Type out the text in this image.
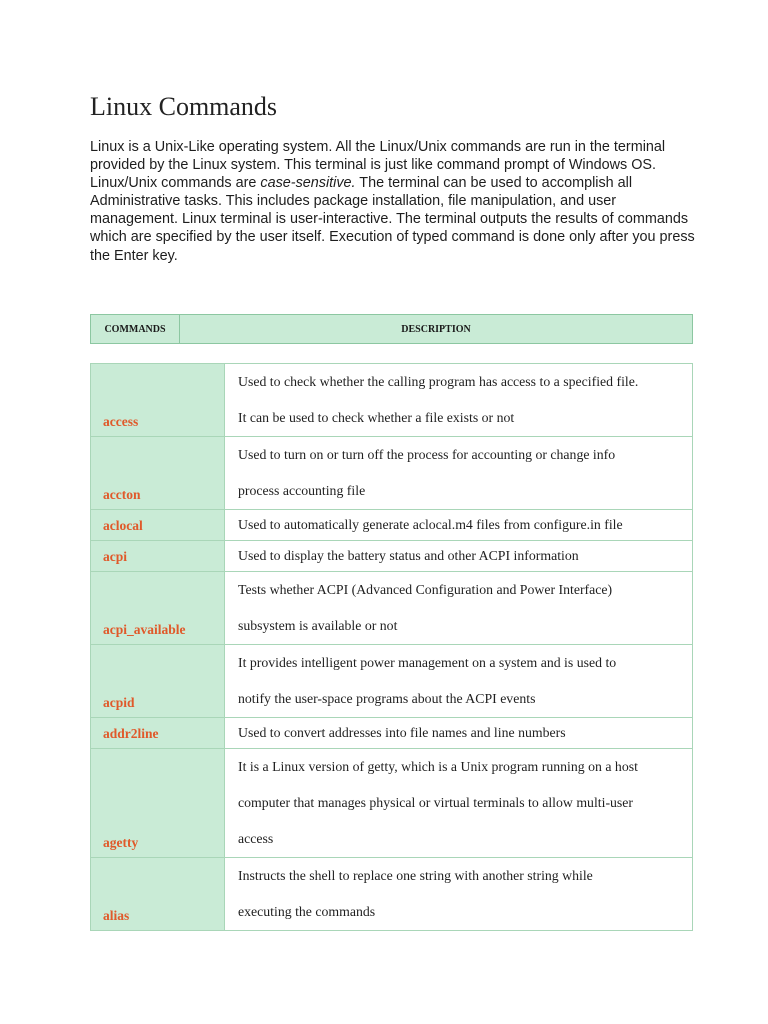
Linux Commands

Linux is a Unix-Like operating system. All the Linux/Unix commands are run in the terminal provided by the Linux system. This terminal is just like command prompt of Windows OS. Linux/Unix commands are case-sensitive. The terminal can be used to accomplish all Administrative tasks. This includes package installation, file manipulation, and user management. Linux terminal is user-interactive. The terminal outputs the results of commands which are specified by the user itself. Execution of typed command is done only after you press the Enter key.

COMMANDS	DESCRIPTION
access	Used to check whether the calling program has access to a specified file.
It can be used to check whether a file exists or not

accton	Used to turn on or turn off the process for accounting or change info
process accounting file

aclocal	Used to automatically generate aclocal.m4 files from configure.in file

acpi	Used to display the battery status and other ACPI information

acpi_available	Tests whether ACPI (Advanced Configuration and Power Interface)
subsystem is available or not

acpid	It provides intelligent power management on a system and is used to
notify the user-space programs about the ACPI events

addr2line	Used to convert addresses into file names and line numbers

agetty	It is a Linux version of getty, which is a Unix program running on a host
computer that manages physical or virtual terminals to allow multi-user
access

alias	Instructs the shell to replace one string with another string while
executing the commands
